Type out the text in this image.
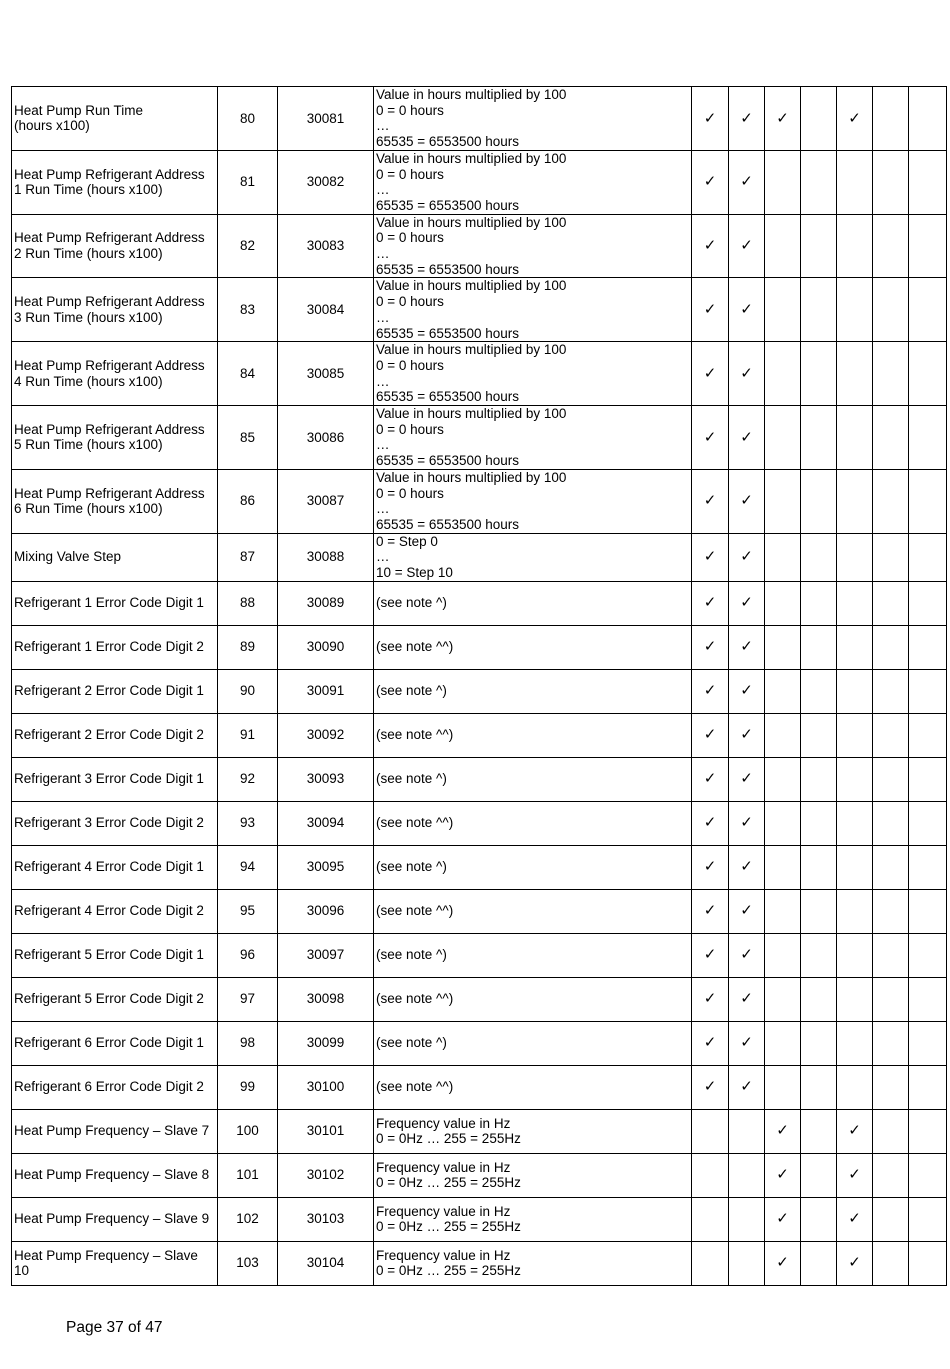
Heat Pump Run Time
(hours x100)	80	30081	Value in hours multiplied by 100
0 = 0 hours
…
65535 = 6553500 hours	✓	✓	✓		✓		

Heat Pump Refrigerant Address
1 Run Time (hours x100)	81	30082	Value in hours multiplied by 100
0 = 0 hours
…
65535 = 6553500 hours	✓	✓					

Heat Pump Refrigerant Address
2 Run Time (hours x100)	82	30083	Value in hours multiplied by 100
0 = 0 hours
…
65535 = 6553500 hours	✓	✓					

Heat Pump Refrigerant Address
3 Run Time (hours x100)	83	30084	Value in hours multiplied by 100
0 = 0 hours
…
65535 = 6553500 hours	✓	✓					

Heat Pump Refrigerant Address
4 Run Time (hours x100)	84	30085	Value in hours multiplied by 100
0 = 0 hours
…
65535 = 6553500 hours	✓	✓					

Heat Pump Refrigerant Address
5 Run Time (hours x100)	85	30086	Value in hours multiplied by 100
0 = 0 hours
…
65535 = 6553500 hours	✓	✓					

Heat Pump Refrigerant Address
6 Run Time (hours x100)	86	30087	Value in hours multiplied by 100
0 = 0 hours
…
65535 = 6553500 hours	✓	✓					
Mixing Valve Step	87	30088	0 = Step 0
…
10 = Step 10	✓	✓					
Refrigerant 1 Error Code Digit 1	88	30089	(see note ^)	✓	✓					
Refrigerant 1 Error Code Digit 2	89	30090	(see note ^^)	✓	✓					
Refrigerant 2 Error Code Digit 1	90	30091	(see note ^)	✓	✓					
Refrigerant 2 Error Code Digit 2	91	30092	(see note ^^)	✓	✓					
Refrigerant 3 Error Code Digit 1	92	30093	(see note ^)	✓	✓					
Refrigerant 3 Error Code Digit 2	93	30094	(see note ^^)	✓	✓					
Refrigerant 4 Error Code Digit 1	94	30095	(see note ^)	✓	✓					
Refrigerant 4 Error Code Digit 2	95	30096	(see note ^^)	✓	✓					
Refrigerant 5 Error Code Digit 1	96	30097	(see note ^)	✓	✓					
Refrigerant 5 Error Code Digit 2	97	30098	(see note ^^)	✓	✓					
Refrigerant 6 Error Code Digit 1	98	30099	(see note ^)	✓	✓					
Refrigerant 6 Error Code Digit 2	99	30100	(see note ^^)	✓	✓					
Heat Pump Frequency – Slave 7	100	30101	Frequency value in Hz
0 = 0Hz … 255 = 255Hz			✓		✓		
Heat Pump Frequency – Slave 8	101	30102	Frequency value in Hz
0 = 0Hz … 255 = 255Hz			✓		✓		
Heat Pump Frequency – Slave 9	102	30103	Frequency value in Hz
0 = 0Hz … 255 = 255Hz			✓		✓		

Heat Pump Frequency – Slave
10	103	30104	Frequency value in Hz
0 = 0Hz … 255 = 255Hz			✓		✓		
Page 37 of 47
